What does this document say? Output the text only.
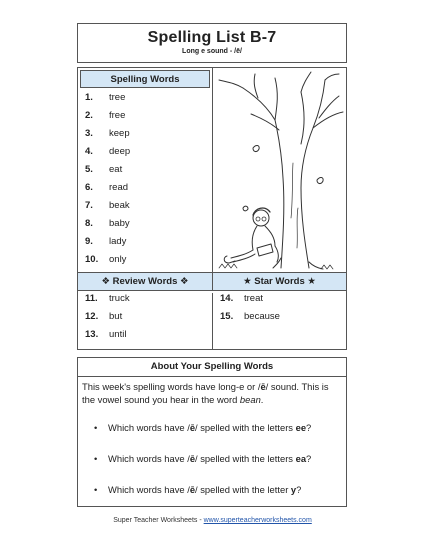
Spelling List B-7
Long e sound - /ē/
Spelling Words
1. tree
2. free
3. keep
4. deep
5. eat
6. read
7. beak
8. baby
9. lady
10. only
❖ Review Words ❖	★ Star Words ★
11. truck
12. but
13. until
14. treat
15. because
About Your Spelling Words
This week's spelling words have long-e or /ē/ sound. This is the vowel sound you hear in the word bean.
• Which words have /ē/ spelled with the letters ee?
• Which words have /ē/ spelled with the letters ea?
• Which words have /ē/ spelled with the letter y?
Super Teacher Worksheets - www.superteacherworksheets.com
